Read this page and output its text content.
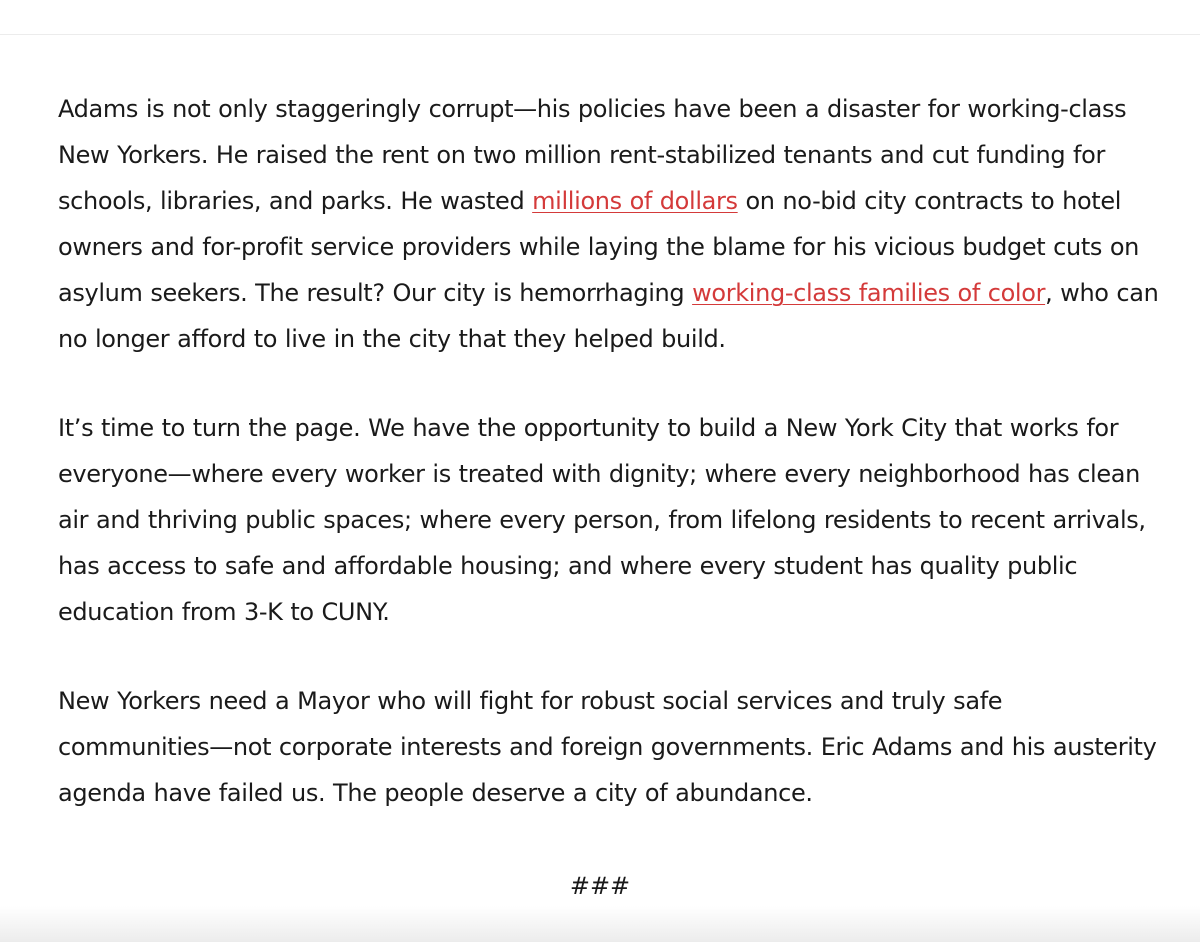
Adams is not only staggeringly corrupt—his policies have been a disaster for working-class New Yorkers. He raised the rent on two million rent-stabilized tenants and cut funding for schools, libraries, and parks. He wasted millions of dollars on no-bid city contracts to hotel owners and for-profit service providers while laying the blame for his vicious budget cuts on asylum seekers. The result? Our city is hemorrhaging working-class families of color, who can no longer afford to live in the city that they helped build.

It’s time to turn the page. We have the opportunity to build a New York City that works for everyone—where every worker is treated with dignity; where every neighborhood has clean air and thriving public spaces; where every person, from lifelong residents to recent arrivals, has access to safe and affordable housing; and where every student has quality public education from 3-K to CUNY.

New Yorkers need a Mayor who will fight for robust social services and truly safe communities—not corporate interests and foreign governments. Eric Adams and his austerity agenda have failed us. The people deserve a city of abundance.

###
